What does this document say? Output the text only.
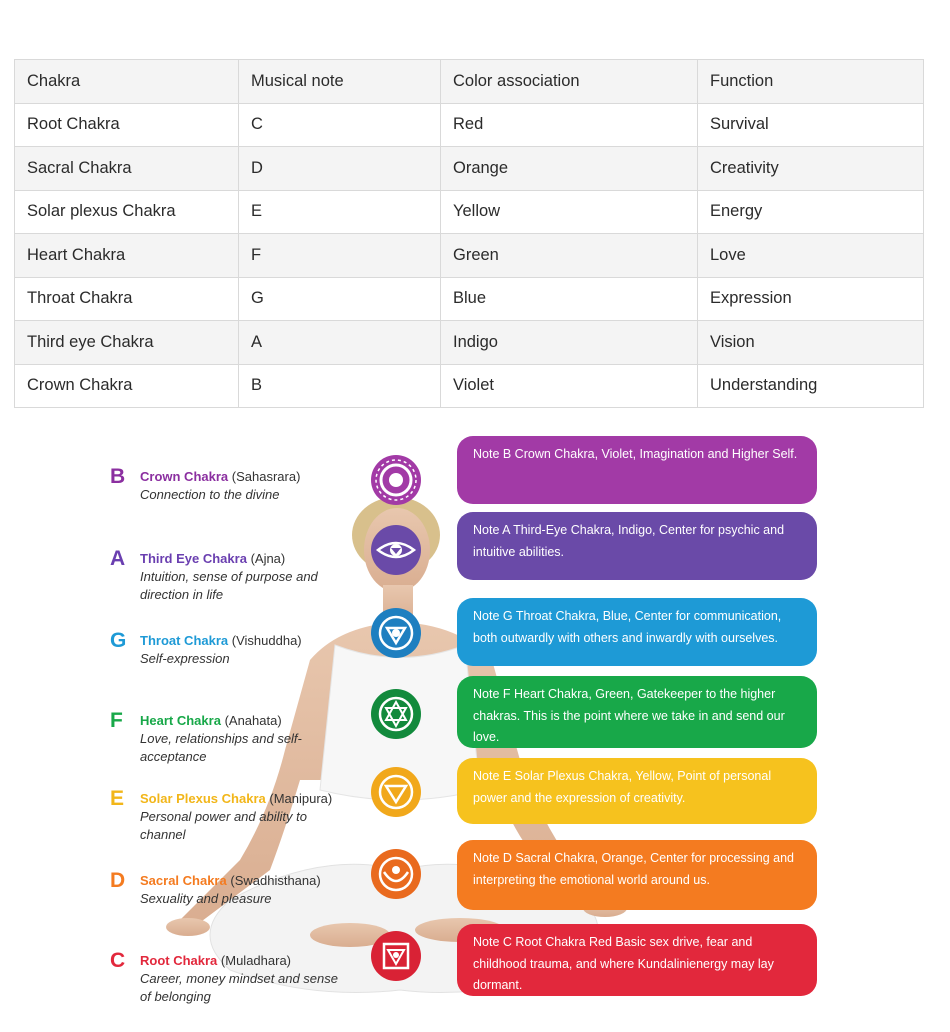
Chakra	Musical note	Color association	Function
Root Chakra	C	Red	Survival
Sacral Chakra	D	Orange	Creativity
Solar plexus Chakra	E	Yellow	Energy
Heart Chakra	F	Green	Love
Throat Chakra	G	Blue	Expression
Third eye Chakra	A	Indigo	Vision
Crown Chakra	B	Violet	Understanding
B Crown Chakra (Sahasrara)
Connection to the divine
Note B Crown Chakra, Violet, Imagination and Higher Self.
A Third Eye Chakra (Ajna)
Intuition, sense of purpose and direction in life
Note A Third-Eye Chakra, Indigo, Center for psychic and intuitive abilities.
G Throat Chakra (Vishuddha)
Self-expression
Note G Throat Chakra, Blue, Center for communication, both outwardly with others and inwardly with ourselves.
F Heart Chakra (Anahata)
Love, relationships and self-acceptance
Note F Heart Chakra, Green, Gatekeeper to the higher chakras. This is the point where we take in and send our love.
E Solar Plexus Chakra (Manipura)
Personal power and ability to channel
Note E Solar Plexus Chakra, Yellow, Point of personal power and the expression of creativity.
D Sacral Chakra (Swadhisthana)
Sexuality and pleasure
Note D Sacral Chakra, Orange, Center for processing and interpreting the emotional world around us.
C Root Chakra (Muladhara)
Career, money mindset and sense of belonging
Note C Root Chakra Red Basic sex drive, fear and childhood trauma, and where Kundalinienergy may lay dormant.
